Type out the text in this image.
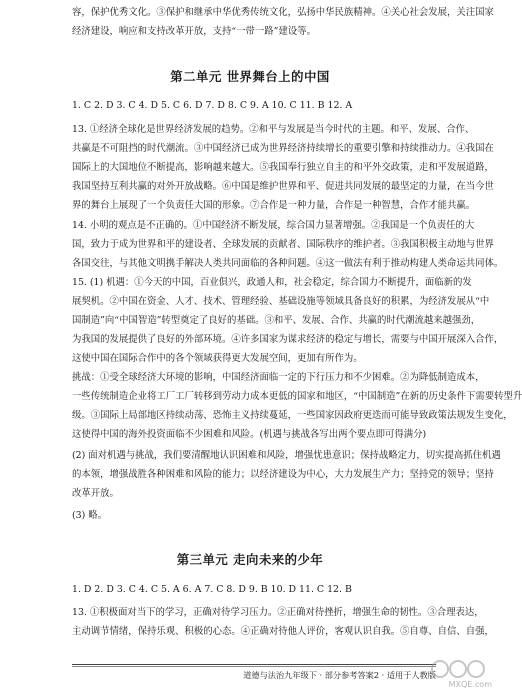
容，保护优秀文化。③保护和继承中华优秀传统文化，弘扬中华民族精神。④关心社会发展，关注国家
经济建设，响应和支持改革开放，支持“一带一路”建设等。
第二单元 世界舞台上的中国
1. C 2. D 3. C 4. D 5. C 6. D 7. D 8. C 9. A 10. C 11. B 12. A
13. ①经济全球化是世界经济发展的趋势。②和平与发展是当今时代的主题。和平、发展、合作、
共赢是不可阻挡的时代潮流。③中国经济已成为世界经济持续增长的重要引擎和持续推动力。④我国在
国际上的大国地位不断提高，影响越来越大。⑤我国奉行独立自主的和平外交政策，走和平发展道路，
我国坚持互利共赢的对外开放战略。⑥中国是维护世界和平、促进共同发展的最坚定的力量，在当今世
界的舞台上展现了一个负责任大国的形象。⑦合作是一种力量，合作是一种智慧，合作才能共赢。
14. 小明的观点是不正确的。①中国经济不断发展，综合国力显著增强。②我国是一个负责任的大
国，致力于成为世界和平的建设者、全球发展的贡献者、国际秩序的维护者。③我国积极主动地与世界
各国交往，与其他文明携手解决人类共同面临的各种问题。④这一做法有利于推动构建人类命运共同体。
15. (1) 机遇：①今天的中国，百业俱兴，政通人和，社会稳定，综合国力不断提升，面临新的发
展契机。②中国在资金、人才、技术、管理经验、基础设施等领域具备良好的积累，为经济发展从“中
国制造”向“中国智造”转型奠定了良好的基础。③和平、发展、合作、共赢的时代潮流越来越强劲，
为我国的发展提供了良好的外部环境。④许多国家为谋求经济的稳定与增长，需要与中国开展深入合作，
这使中国在国际合作中的各个领域获得更大发展空间，更加有所作为。
挑战：①受全球经济大环境的影响，中国经济面临一定的下行压力和不少困难。②为降低制造成本，
一些传统制造企业将工厂工厂转移到劳动力成本更低的国家和地区，“中国制造”在新的历史条件下需要转型升
级。③国际上局部地区持续动荡、恐怖主义持续蔓延，一些国家因政府更迭而可能导致政策法规发生变化，
这使得中国的海外投资面临不少困难和风险。(机遇与挑战各写出两个要点即可得满分)
(2) 面对机遇与挑战，我们要清醒地认识困难和风险，增强忧患意识；保持战略定力，切实提高抓住机遇
的本领，增强战胜各种困难和风险的能力；以经济建设为中心，大力发展生产力；坚持党的领导；坚持
改革开放。
(3) 略。
第三单元 走向未来的少年
1. D 2. D 3. C 4. C 5. A 6. A 7. C 8. D 9. B 10. D 11. C 12. B
13. ①积极面对当下的学习，正确对待学习压力。②正确对待挫折，增强生命的韧性。③合理表达，
主动调节情绪，保持乐观、积极的心态。④正确对待他人评价，客观认识自我。⑤自尊、自信、自强，
道德与法治九年级下 · 部分参考答案2 · 适用于人教版
MXQE.com
